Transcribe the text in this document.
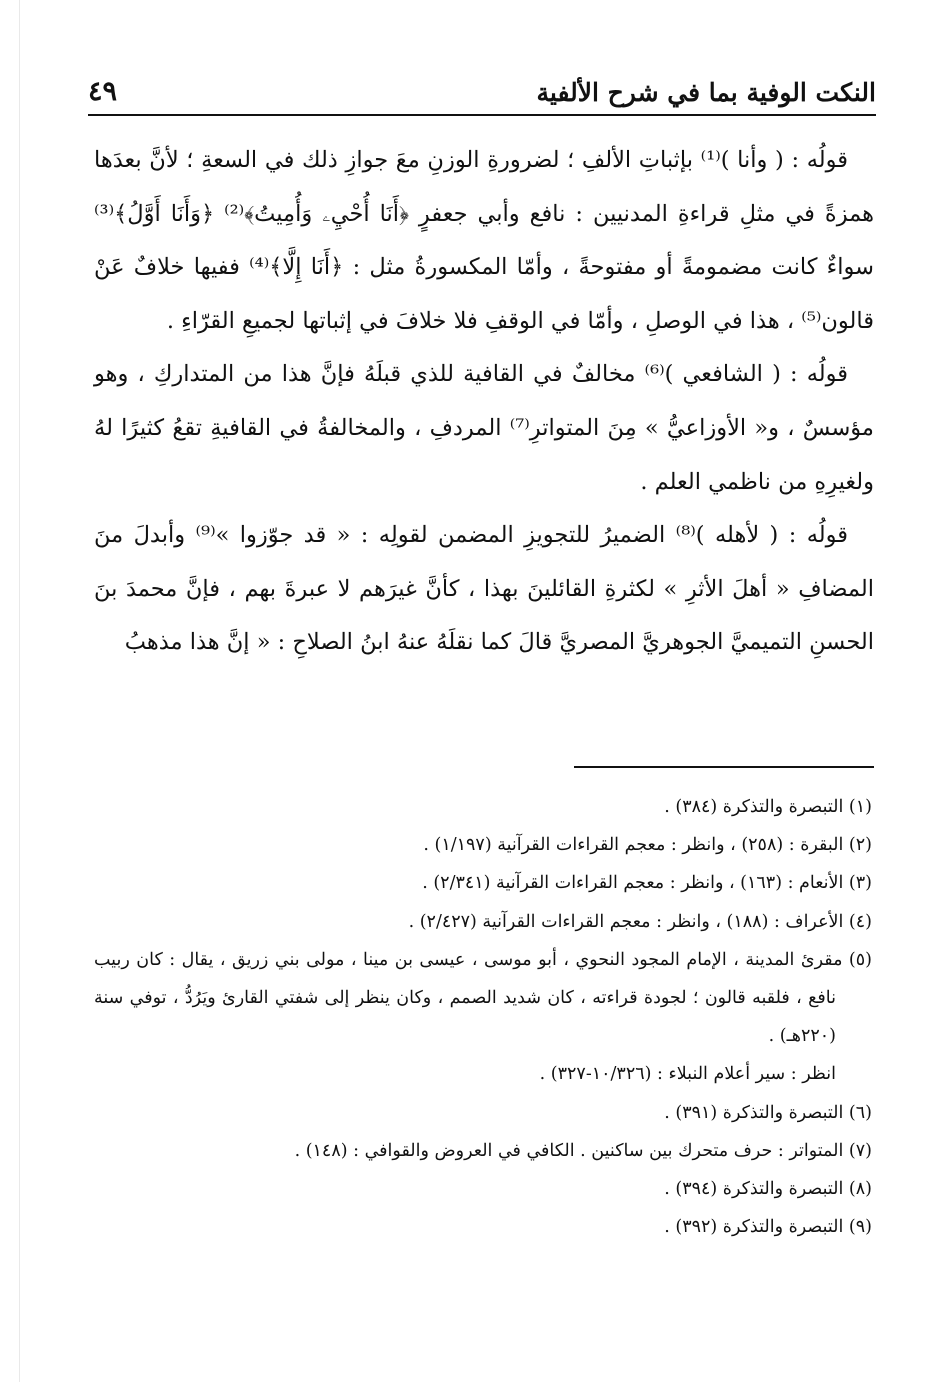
النكت الوفية بما في شرح الألفية
٤٩

قولُه : ( وأنا )⁽¹⁾ بإثباتِ الألفِ ؛ لضرورةِ الوزنِ معَ جوازِ ذلك في السعةِ ؛ لأنَّ بعدَها همزةً في مثلِ قراءةِ المدنيين : نافع وأبي جعفرٍ ﴿أَنَا أُحْيِۦ وَأُمِيتُ﴾⁽²⁾ ﴿وَأَنَا أَوَّلُ﴾⁽³⁾ سواءٌ كانت مضمومةً أو مفتوحةً ، وأمّا المكسورةُ مثل : ﴿أَنَا إِلَّا﴾⁽⁴⁾ ففيها خلافٌ عَنْ قالون⁽⁵⁾ ، هذا في الوصلِ ، وأمّا في الوقفِ فلا خلافَ في إثباتها لجميعِ القرّاءِ .

قولُه : ( الشافعي )⁽⁶⁾ مخالفٌ في القافية للذي قبلَهُ فإنَّ هذا من المتداركِ ، وهو مؤسسٌ ، و« الأوزاعيُّ » مِنَ المتواترِ⁽⁷⁾ المردفِ ، والمخالفةُ في القافيةِ تقعُ كثيرًا لهُ ولغيرِهِ من ناظمي العلم .

قولُه : ( لأهله )⁽⁸⁾ الضميرُ للتجويزِ المضمن لقولِه : « قد جوّزوا »⁽⁹⁾ وأبدلَ منَ المضافِ « أهلَ الأثرِ » لكثرةِ القائلينَ بهذا ، كأنَّ غيرَهم لا عبرةَ بهم ، فإنَّ محمدَ بنَ الحسنِ التميميَّ الجوهريَّ المصريَّ قالَ كما نقلَهُ عنهُ ابنُ الصلاحِ : « إنَّ هذا مذهبُ

(١) التبصرة والتذكرة (٣٨٤) .

(٢) البقرة : (٢٥٨) ، وانظر : معجم القراءات القرآنية (١/١٩٧) .

(٣) الأنعام : (١٦٣) ، وانظر : معجم القراءات القرآنية (٢/٣٤١) .

(٤) الأعراف : (١٨٨) ، وانظر : معجم القراءات القرآنية (٢/٤٢٧) .

(٥) مقرئ المدينة ، الإمام المجود النحوي ، أبو موسى ، عيسى بن مينا ، مولى بني زريق ، يقال : كان ربيب نافع ، فلقبه قالون ؛ لجودة قراءته ، كان شديد الصمم ، وكان ينظر إلى شفتي القارئ ويَرُدُّ ، توفي سنة (٢٢٠هـ) .

انظر : سير أعلام النبلاء : (١٠/٣٢٦-٣٢٧) .

(٦) التبصرة والتذكرة (٣٩١) .

(٧) المتواتر : حرف متحرك بين ساكنين . الكافي في العروض والقوافي : (١٤٨) .

(٨) التبصرة والتذكرة (٣٩٤) .

(٩) التبصرة والتذكرة (٣٩٢) .
